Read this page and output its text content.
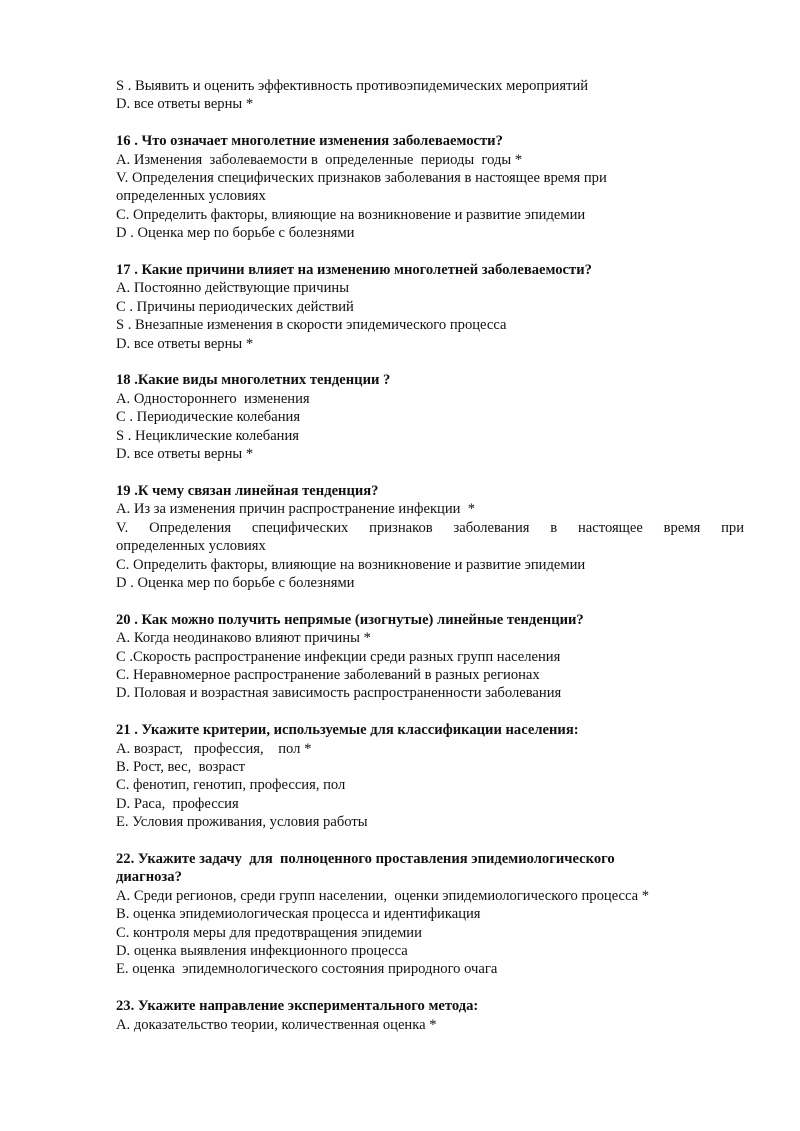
S . Выявить и оценить эффективность противоэпидемических мероприятий
D. все ответы верны *
16 . Что означает многолетние изменения заболеваемости?
A. Изменения  заболеваемости в  определенные  периоды  годы *
V. Определения специфических признаков заболевания в настоящее время при
определенных условиях
C. Определить факторы, влияющие на возникновение и развитие эпидемии
D . Оценка мер по борьбе с болезнями
17 . Какие причини влияет на изменению многолетней заболеваемости?
A. Постоянно действующие причины
C . Причины периодических действий
S . Внезапные изменения в скорости эпидемического процесса
D. все ответы верны *
18 .Какие виды многолетних тенденции ?
A. Одностороннего  изменения
C . Периодические колебания
S . Нециклические колебания
D. все ответы верны *
19 .К чему связан линейная тенденция?
A. Из за изменения причин распространение инфекции  *
V. Определения специфических признаков заболевания в настоящее время при
определенных условиях
C. Определить факторы, влияющие на возникновение и развитие эпидемии
D . Оценка мер по борьбе с болезнями
20 . Как можно получить непрямые (изогнутые) линейные тенденции?
A. Когда неодинаково влияют причины *
C .Скорость распространение инфекции среди разных групп населения
C. Неравномерное распространение заболеваний в разных регионах
D. Половая и возрастная зависимость распространенности заболевания
21 . Укажите критерии, используемые для классификации населения:
A. возраст,   профессия,    пол *
B. Рост, вес,  возраст
C. фенотип, генотип, профессия, пол
D. Раса,  профессия
E. Условия проживания, условия работы
22. Укажите задачу  для  полноценного проставления эпидемиологического
диагноза?
A. Среди регионов, среди групп населении,  оценки эпидемиологического процесса *
B. оценка эпидемиологическая процесса и идентификация
C. контроля меры для предотвращения эпидемии
D. оценка выявления инфекционного процесса
E. оценка  эпидемнологического состояния природного очага
23. Укажите направление экспериментального метода:
A. доказательство теории, количественная оценка *
